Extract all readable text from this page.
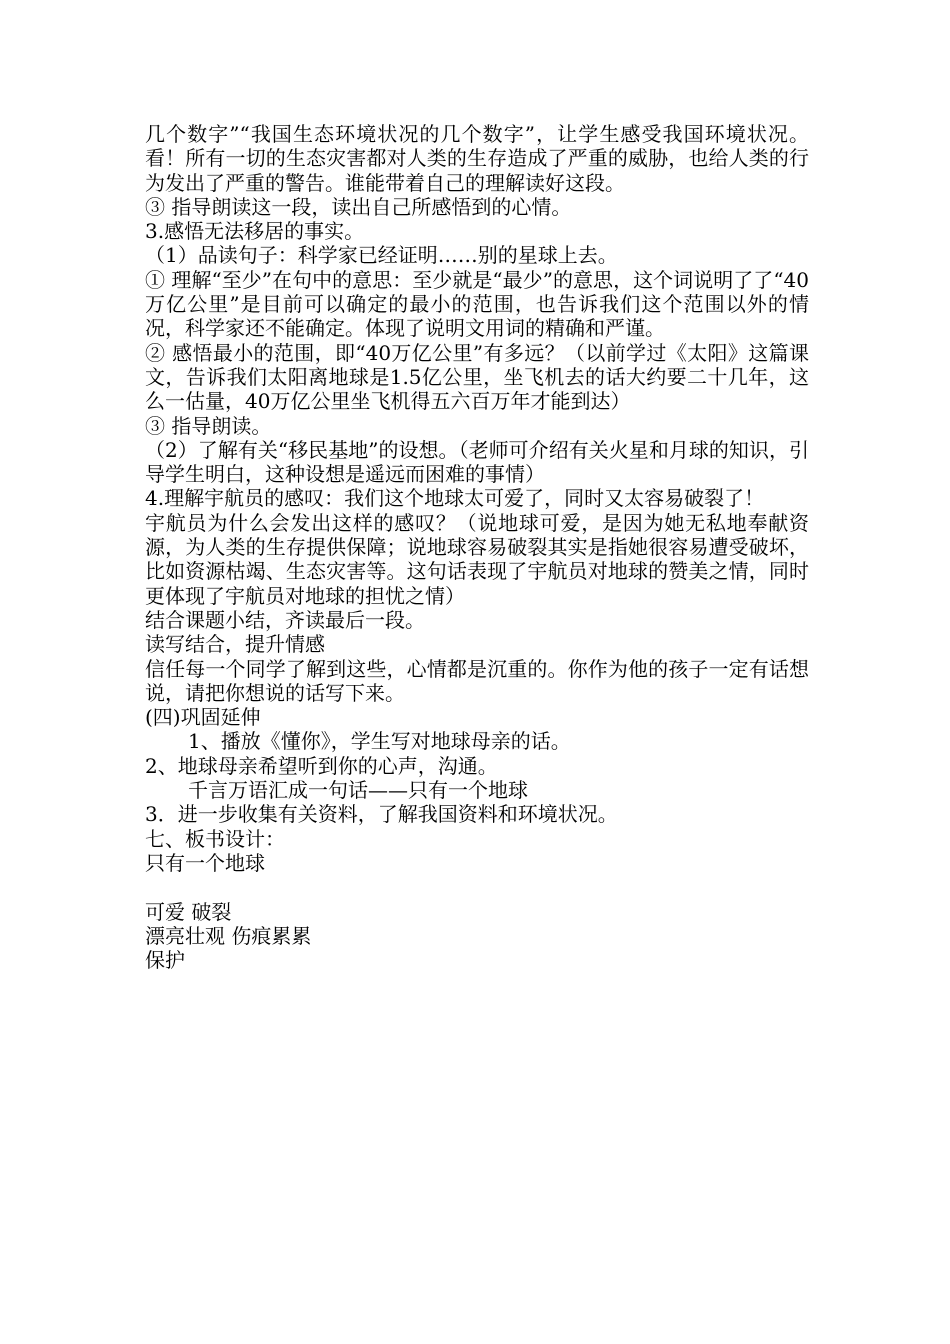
几个数字”“我国生态环境状况的几个数字”，让学生感受我国环境状况。看！所有一切的生态灾害都对人类的生存造成了严重的威胁，也给人类的行为发出了严重的警告。谁能带着自己的理解读好这段。

③ 指导朗读这一段，读出自己所感悟到的心情。

3.感悟无法移居的事实。

（1）品读句子：科学家已经证明……别的星球上去。

① 理解“至少”在句中的意思：至少就是“最少”的意思，这个词说明了了“40万亿公里”是目前可以确定的最小的范围，也告诉我们这个范围以外的情况，科学家还不能确定。体现了说明文用词的精确和严谨。

② 感悟最小的范围，即“40万亿公里”有多远？（以前学过《太阳》这篇课文，告诉我们太阳离地球是1.5亿公里，坐飞机去的话大约要二十几年，这么一估量，40万亿公里坐飞机得五六百万年才能到达）

③ 指导朗读。

（2）了解有关“移民基地”的设想。（老师可介绍有关火星和月球的知识，引导学生明白，这种设想是遥远而困难的事情）

4.理解宇航员的感叹：我们这个地球太可爱了，同时又太容易破裂了！

宇航员为什么会发出这样的感叹？（说地球可爱，是因为她无私地奉献资源，为人类的生存提供保障；说地球容易破裂其实是指她很容易遭受破坏，比如资源枯竭、生态灾害等。这句话表现了宇航员对地球的赞美之情，同时更体现了宇航员对地球的担忧之情）

结合课题小结，齐读最后一段。

读写结合，提升情感

信任每一个同学了解到这些，心情都是沉重的。你作为他的孩子一定有话想说，请把你想说的话写下来。

(四)巩固延伸

1、播放《懂你》，学生写对地球母亲的话。

2、地球母亲希望听到你的心声，沟通。

千言万语汇成一句话——只有一个地球

3．进一步收集有关资料，了解我国资料和环境状况。

七、板书设计：

只有一个地球

可爱 破裂

漂亮壮观 伤痕累累

保护
